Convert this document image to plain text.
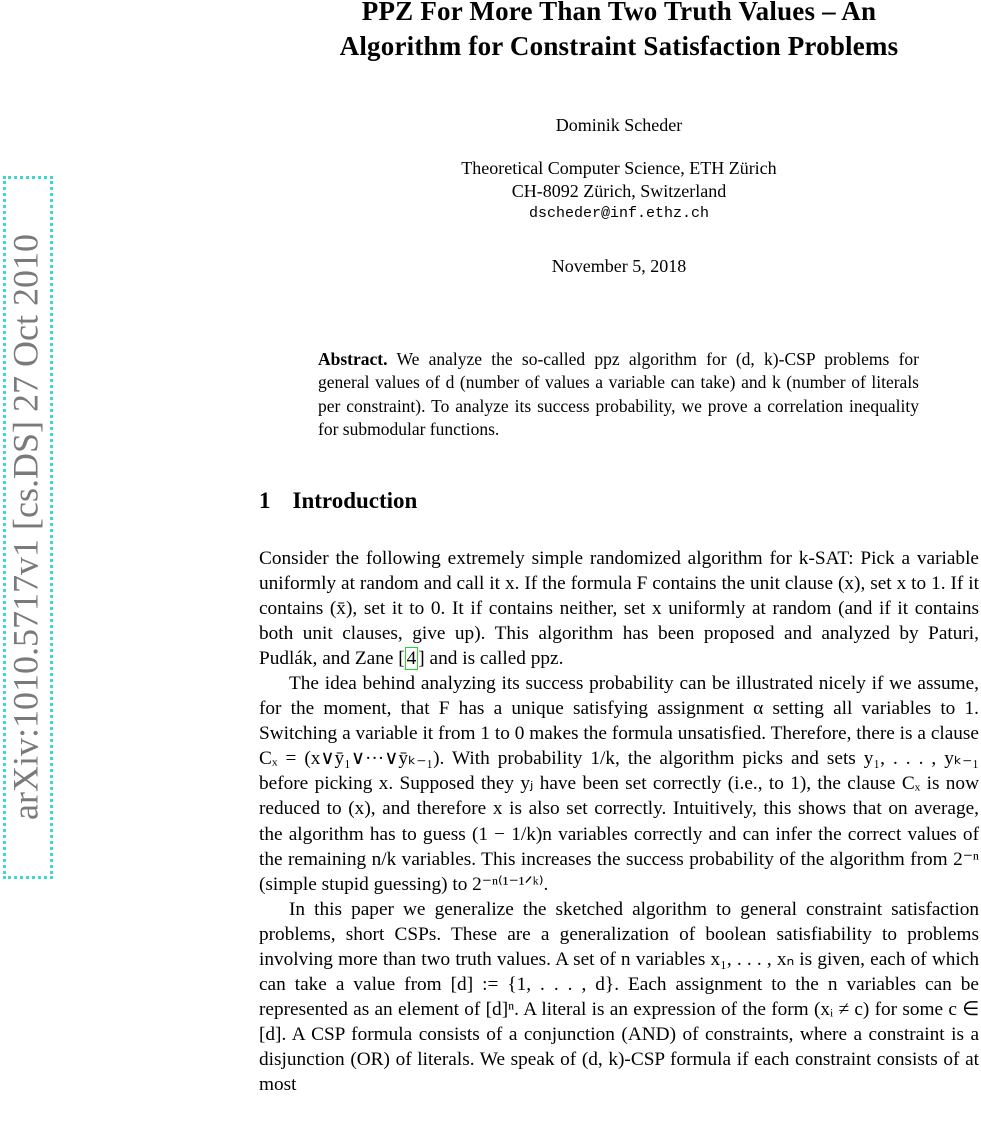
arXiv:1010.5717v1 [cs.DS] 27 Oct 2010
PPZ For More Than Two Truth Values – An
Algorithm for Constraint Satisfaction Problems
Dominik Scheder
Theoretical Computer Science, ETH Zürich
CH-8092 Zürich, Switzerland
dscheder@inf.ethz.ch
November 5, 2018
Abstract. We analyze the so-called ppz algorithm for (d, k)-CSP problems for general values of d (number of values a variable can take) and k (number of literals per constraint). To analyze its success probability, we prove a correlation inequality for submodular functions.
1 Introduction

Consider the following extremely simple randomized algorithm for k-SAT: Pick a variable uniformly at random and call it x. If the formula F contains the unit clause (x), set x to 1. If it contains (x̄), set it to 0. It if contains neither, set x uniformly at random (and if it contains both unit clauses, give up). This algorithm has been proposed and analyzed by Paturi, Pudlák, and Zane [ 4 ] and is called ppz.

The idea behind analyzing its success probability can be illustrated nicely if we assume, for the moment, that F has a unique satisfying assignment α setting all variables to 1. Switching a variable it from 1 to 0 makes the formula unsatisfied. Therefore, there is a clause Cₓ = (x∨ȳ₁∨···∨ȳₖ₋₁). With probability 1/k, the algorithm picks and sets y₁, . . . , yₖ₋₁ before picking x. Supposed they yⱼ have been set correctly (i.e., to 1), the clause Cₓ is now reduced to (x), and therefore x is also set correctly. Intuitively, this shows that on average, the algorithm has to guess (1 − 1/k)n variables correctly and can infer the correct values of the remaining n/k variables. This increases the success probability of the algorithm from 2⁻ⁿ (simple stupid guessing) to 2⁻ⁿ⁽¹⁻¹ᐟᵏ⁾.

In this paper we generalize the sketched algorithm to general constraint satisfaction problems, short CSPs. These are a generalization of boolean satisfiability to problems involving more than two truth values. A set of n variables x₁, . . . , xₙ is given, each of which can take a value from [d] := {1, . . . , d}. Each assignment to the n variables can be represented as an element of [d]ⁿ. A literal is an expression of the form (xᵢ ≠ c) for some c ∈ [d]. A CSP formula consists of a conjunction (AND) of constraints, where a constraint is a disjunction (OR) of literals. We speak of (d, k)-CSP formula if each constraint consists of at most
